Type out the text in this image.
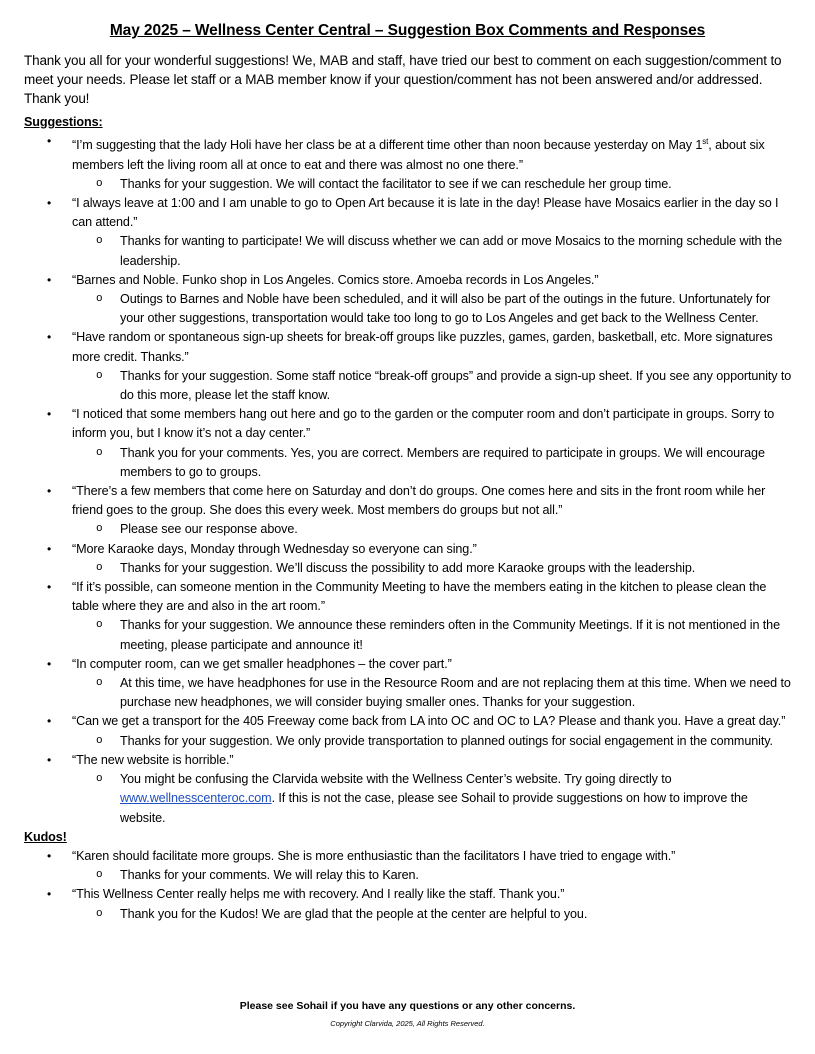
May 2025 – Wellness Center Central – Suggestion Box Comments and Responses
Thank you all for your wonderful suggestions! We, MAB and staff, have tried our best to comment on each suggestion/comment to meet your needs. Please let staff or a MAB member know if your question/comment has not been answered and/or addressed. Thank you!
Suggestions:
• “I’m suggesting that the lady Holi have her class be at a different time other than noon because yesterday on May 1st, about six members left the living room all at once to eat and there was almost no one there.”
o Thanks for your suggestion. We will contact the facilitator to see if we can reschedule her group time.
• “I always leave at 1:00 and I am unable to go to Open Art because it is late in the day! Please have Mosaics earlier in the day so I can attend.”
o Thanks for wanting to participate! We will discuss whether we can add or move Mosaics to the morning schedule with the leadership.
• “Barnes and Noble. Funko shop in Los Angeles. Comics store. Amoeba records in Los Angeles.”
o Outings to Barnes and Noble have been scheduled, and it will also be part of the outings in the future. Unfortunately for your other suggestions, transportation would take too long to go to Los Angeles and get back to the Wellness Center.
• “Have random or spontaneous sign-up sheets for break-off groups like puzzles, games, garden, basketball, etc. More signatures more credit. Thanks.”
o Thanks for your suggestion. Some staff notice “break-off groups” and provide a sign-up sheet. If you see any opportunity to do this more, please let the staff know.
• “I noticed that some members hang out here and go to the garden or the computer room and don’t participate in groups. Sorry to inform you, but I know it’s not a day center.”
o Thank you for your comments. Yes, you are correct. Members are required to participate in groups. We will encourage members to go to groups.
• “There’s a few members that come here on Saturday and don’t do groups. One comes here and sits in the front room while her friend goes to the group. She does this every week. Most members do groups but not all.”
o Please see our response above.
• “More Karaoke days, Monday through Wednesday so everyone can sing.”
o Thanks for your suggestion. We’ll discuss the possibility to add more Karaoke groups with the leadership.
• “If it’s possible, can someone mention in the Community Meeting to have the members eating in the kitchen to please clean the table where they are and also in the art room.”
o Thanks for your suggestion. We announce these reminders often in the Community Meetings. If it is not mentioned in the meeting, please participate and announce it!
• “In computer room, can we get smaller headphones – the cover part.”
o At this time, we have headphones for use in the Resource Room and are not replacing them at this time. When we need to purchase new headphones, we will consider buying smaller ones. Thanks for your suggestion.
• “Can we get a transport for the 405 Freeway come back from LA into OC and OC to LA? Please and thank you. Have a great day.”
o Thanks for your suggestion. We only provide transportation to planned outings for social engagement in the community.
• “The new website is horrible.”
o You might be confusing the Clarvida website with the Wellness Center’s website. Try going directly to www.wellnesscenteroc.com. If this is not the case, please see Sohail to provide suggestions on how to improve the website.
Kudos!
• “Karen should facilitate more groups. She is more enthusiastic than the facilitators I have tried to engage with.”
o Thanks for your comments. We will relay this to Karen.
• “This Wellness Center really helps me with recovery. And I really like the staff. Thank you.”
o Thank you for the Kudos! We are glad that the people at the center are helpful to you.
Please see Sohail if you have any questions or any other concerns.
Copyright Clarvida, 2025, All Rights Reserved.
